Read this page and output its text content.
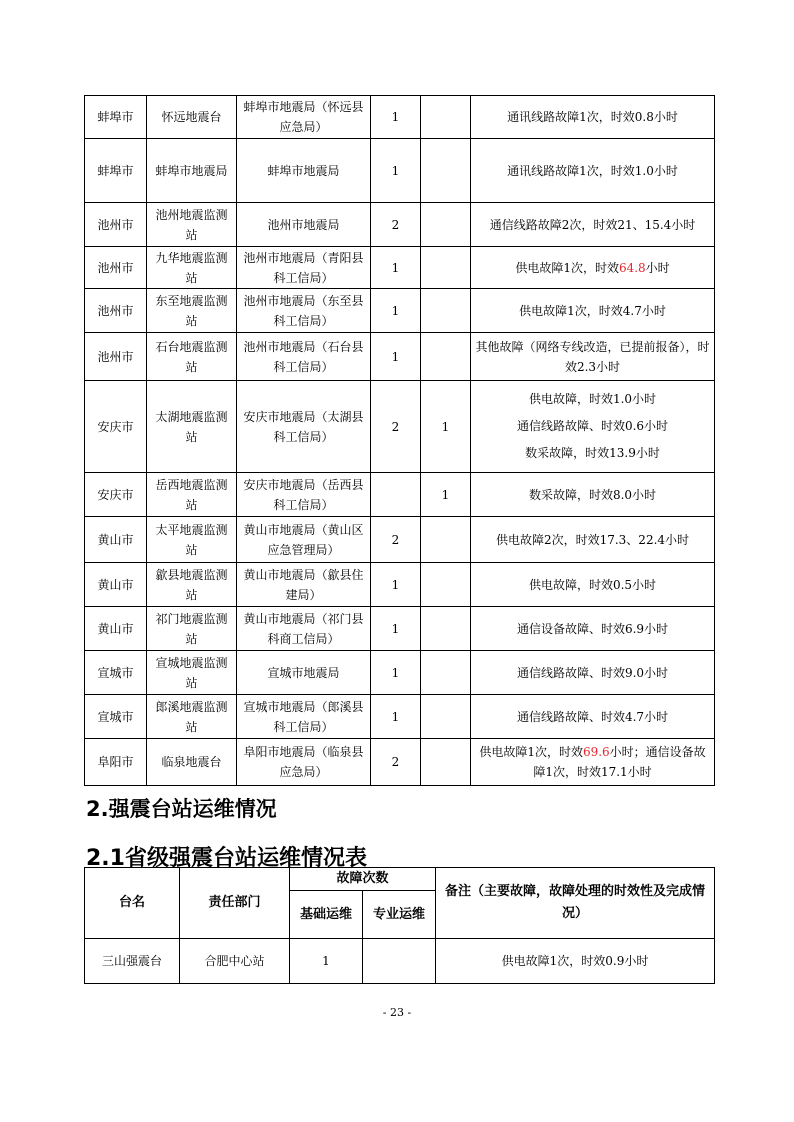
蚌埠市	怀远地震台	蚌埠市地震局（怀远县应急局）	1		通讯线路故障1次，时效0.8小时
蚌埠市	蚌埠市地震局	蚌埠市地震局	1		通讯线路故障1次，时效1.0小时
池州市	池州地震监测站	池州市地震局	2		通信线路故障2次，时效21、15.4小时
池州市	九华地震监测站	池州市地震局（青阳县科工信局）	1		供电故障1次，时效64.8小时
池州市	东至地震监测站	池州市地震局（东至县科工信局）	1		供电故障1次，时效4.7小时
池州市	石台地震监测站	池州市地震局（石台县科工信局）	1		其他故障（网络专线改造，已提前报备），时效2.3小时
安庆市	太湖地震监测站	安庆市地震局（太湖县科工信局）	2	1	供电故障，时效1.0小时
通信线路故障、时效0.6小时
数采故障，时效13.9小时

安庆市	岳西地震监测站	安庆市地震局（岳西县科工信局）		1	数采故障，时效8.0小时
黄山市	太平地震监测站	黄山市地震局（黄山区应急管理局）	2		供电故障2次，时效17.3、22.4小时
黄山市	歙县地震监测站	黄山市地震局（歙县住建局）	1		供电故障，时效0.5小时
黄山市	祁门地震监测站	黄山市地震局（祁门县科商工信局）	1		通信设备故障、时效6.9小时
宣城市	宣城地震监测站	宣城市地震局	1		通信线路故障、时效9.0小时
宣城市	郎溪地震监测站	宣城市地震局（郎溪县科工信局）	1		通信线路故障、时效4.7小时
阜阳市	临泉地震台	阜阳市地震局（临泉县应急局）	2		供电故障1次，时效69.6小时；通信设备故障1次，时效17.1小时
2.强震台站运维情况
2.1省级强震台站运维情况表
台名	责任部门	故障次数		备注（主要故障，故障处理的时效性及完成情况）
		基础运维	专业运维	
三山强震台	合肥中心站	1		供电故障1次，时效0.9小时
- 23 -
